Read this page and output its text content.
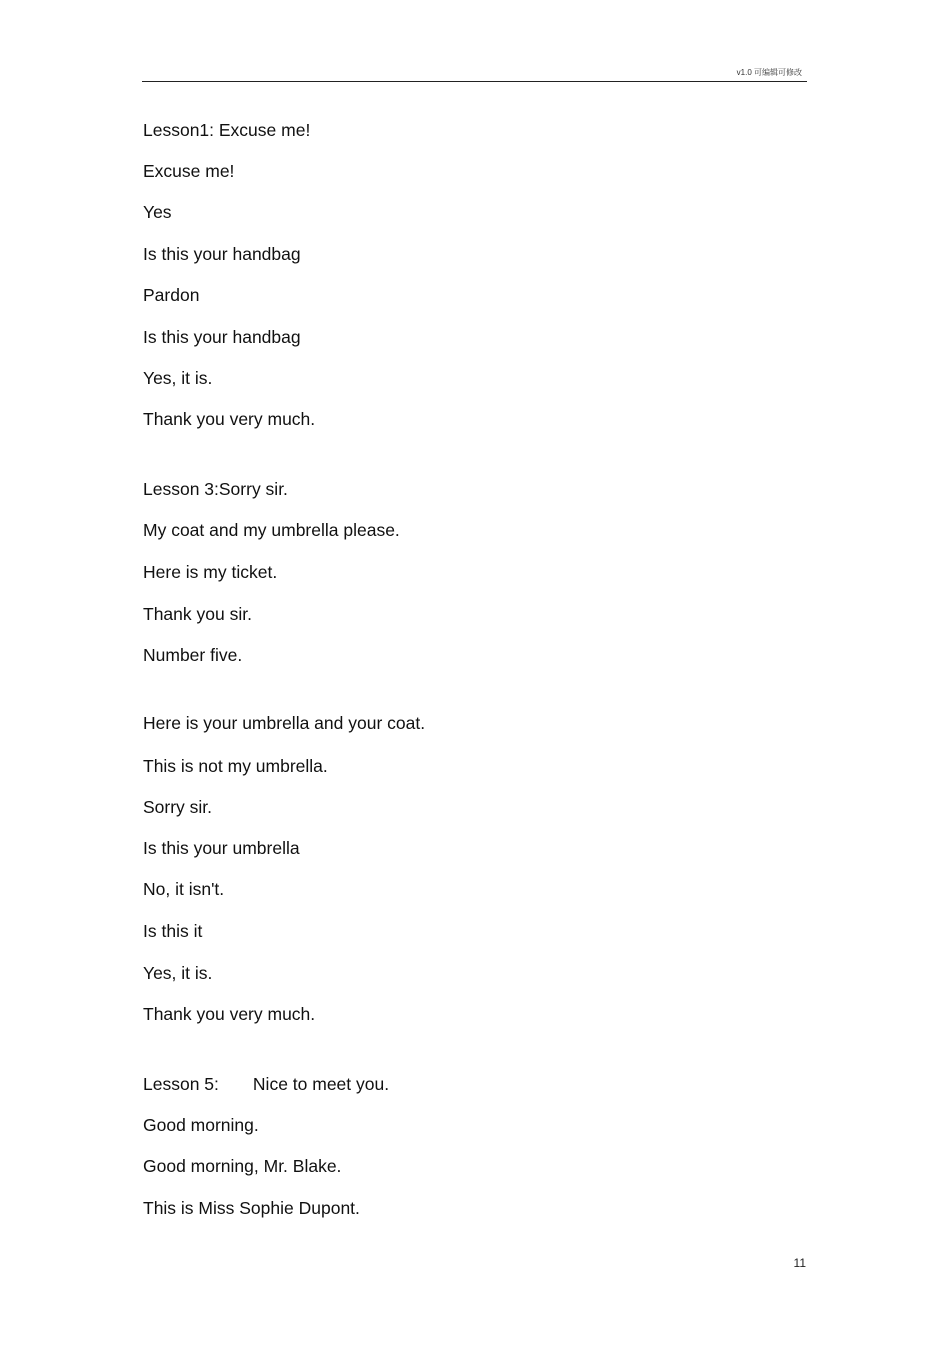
v1.0 可编辑可修改
Lesson1: Excuse me!
Excuse me!
Yes
Is this your handbag
Pardon
Is this your handbag
Yes, it is.
Thank you very much.
Lesson 3:Sorry sir.
My coat and my umbrella please.
Here is my ticket.
Thank you sir.
Number five.
Here is your umbrella and your coat.
This is not my umbrella.
Sorry sir.
Is this your umbrella
No, it isn't.
Is this it
Yes, it is.
Thank you very much.
Lesson 5:       Nice to meet you.
Good morning.
Good morning, Mr. Blake.
This is Miss Sophie Dupont.
11
